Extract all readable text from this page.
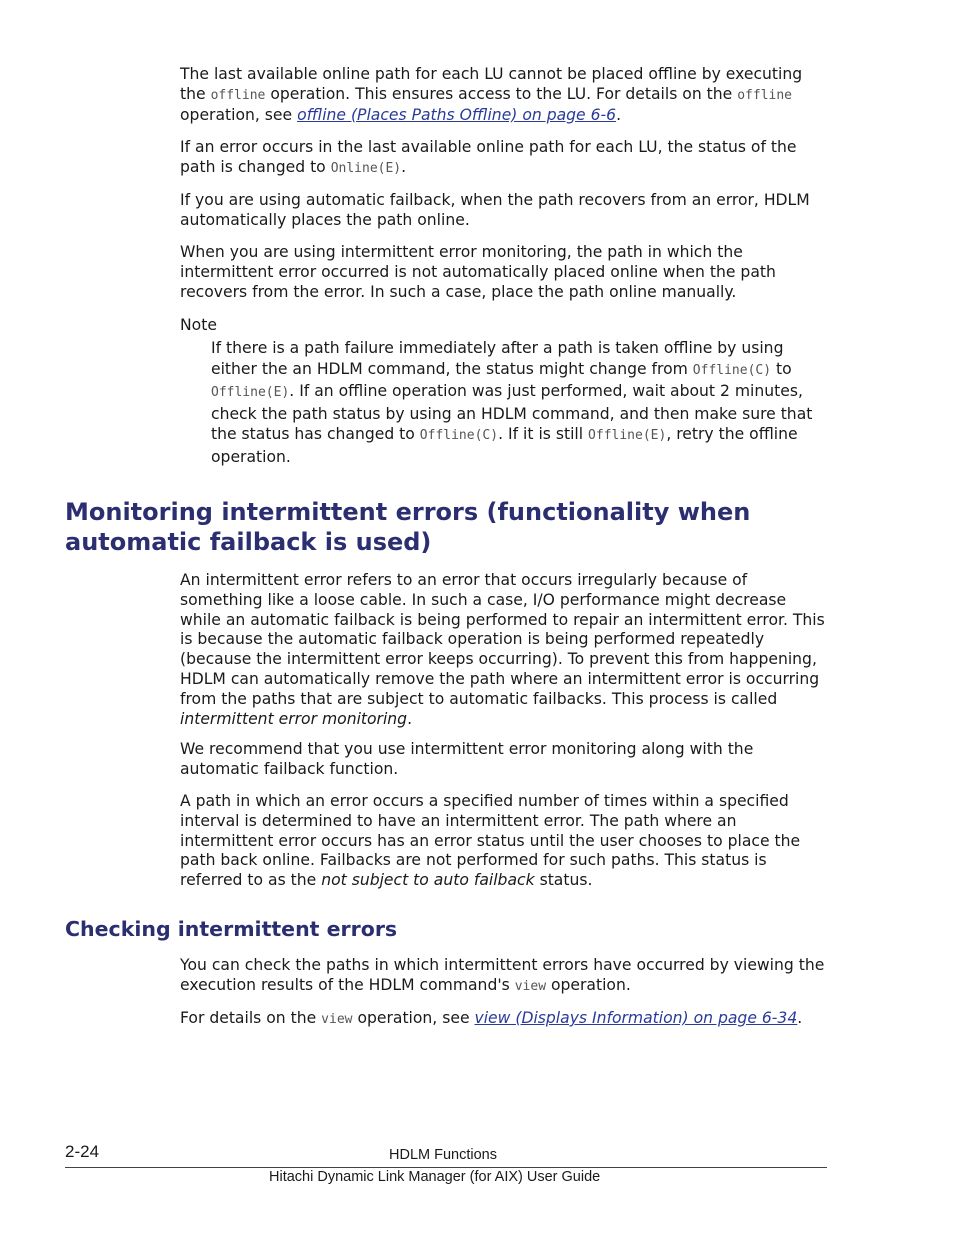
The last available online path for each LU cannot be placed offline by executing the offline operation. This ensures access to the LU. For details on the offline operation, see offline (Places Paths Offline) on page 6-6.

If an error occurs in the last available online path for each LU, the status of the path is changed to Online(E).

If you are using automatic failback, when the path recovers from an error, HDLM automatically places the path online.

When you are using intermittent error monitoring, the path in which the intermittent error occurred is not automatically placed online when the path recovers from the error. In such a case, place the path online manually.

Note

If there is a path failure immediately after a path is taken offline by using either the an HDLM command, the status might change from Offline(C) to Offline(E). If an offline operation was just performed, wait about 2 minutes, check the path status by using an HDLM command, and then make sure that the status has changed to Offline(C). If it is still Offline(E), retry the offline operation.

Monitoring intermittent errors (functionality when automatic failback is used)

An intermittent error refers to an error that occurs irregularly because of something like a loose cable. In such a case, I/O performance might decrease while an automatic failback is being performed to repair an intermittent error. This is because the automatic failback operation is being performed repeatedly (because the intermittent error keeps occurring). To prevent this from happening, HDLM can automatically remove the path where an intermittent error is occurring from the paths that are subject to automatic failbacks. This process is called intermittent error monitoring.

We recommend that you use intermittent error monitoring along with the automatic failback function.

A path in which an error occurs a specified number of times within a specified interval is determined to have an intermittent error. The path where an intermittent error occurs has an error status until the user chooses to place the path back online. Failbacks are not performed for such paths. This status is referred to as the not subject to auto failback status.

Checking intermittent errors

You can check the paths in which intermittent errors have occurred by viewing the execution results of the HDLM command's view operation.

For details on the view operation, see view (Displays Information) on page 6-34.

2-24	HDLM Functions
Hitachi Dynamic Link Manager (for AIX) User Guide
